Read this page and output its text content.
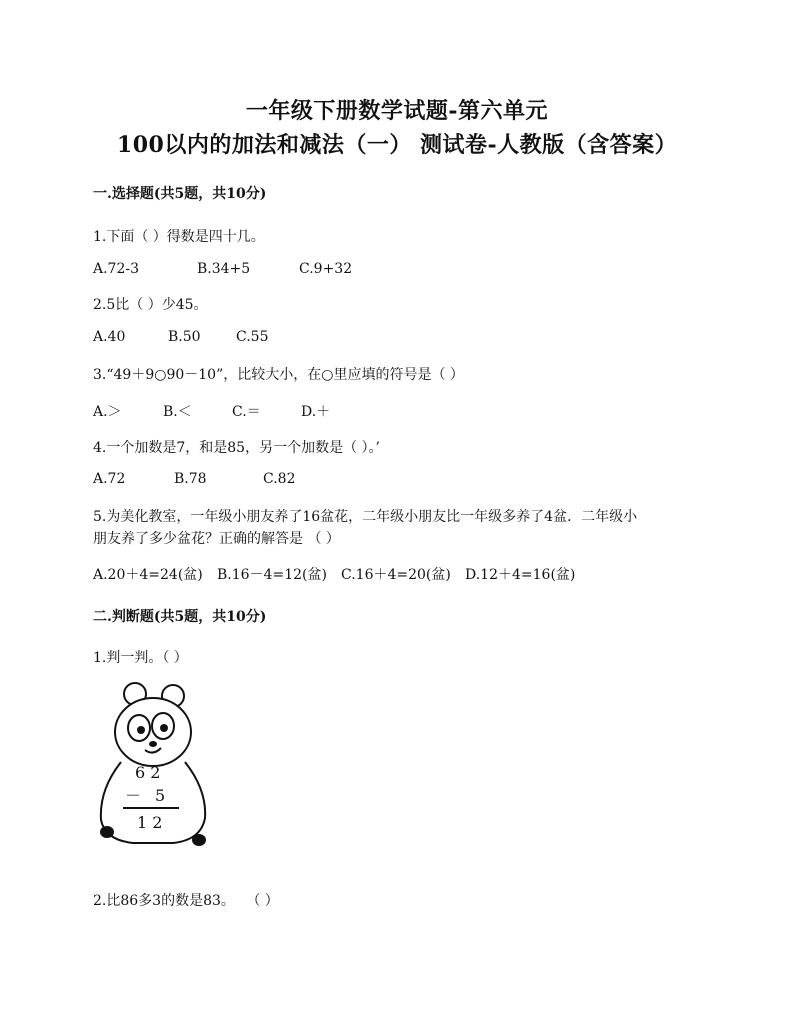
一年级下册数学试题-第六单元
100以内的加法和减法（一） 测试卷-人教版（含答案）
一.选择题(共5题，共10分)
1.下面（ ）得数是四十几。
A.72-3	B.34+5	C.9+32
2.5比（ ）少45。
A.40	B.50	C.55
3.“49＋9○90－10”，比较大小，在○里应填的符号是（ ）
A.＞	B.＜	C.＝	D.＋
4.一个加数是7，和是85，另一个加数是（ ）。’
A.72	B.78	C.82
5.为美化教室，一年级小朋友养了16盆花，二年级小朋友比一年级多养了4盆．二年级小
朋友养了多少盆花？正确的解答是 （ ）
A.20＋4=24(盆) B.16－4=12(盆) C.16＋4=20(盆) D.12＋4=16(盆)
二.判断题(共5题，共10分)
1.判一判。（ ）
6 2
－ 5
1 2
2.比86多3的数是83。　 （ ）
